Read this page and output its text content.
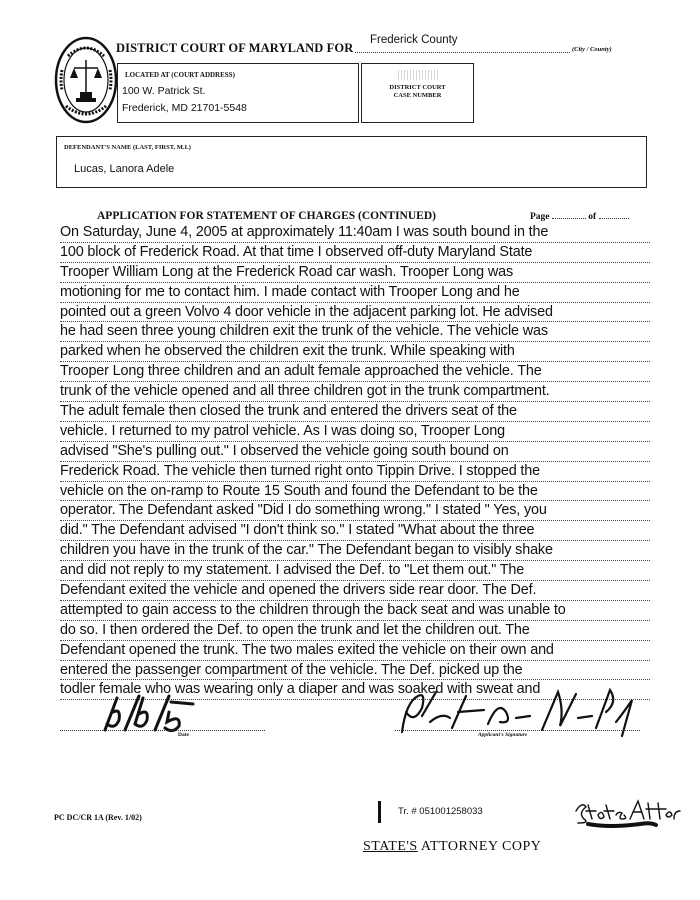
DISTRICT COURT OF MARYLAND FOR
Frederick County
(City / County)
LOCATED AT (COURT ADDRESS)
100 W. Patrick St.
Frederick, MD 21701-5548
DISTRICT COURT
CASE NUMBER
DEFENDANT'S NAME (LAST, FIRST, M.I.)
Lucas, Lanora Adele
APPLICATION FOR STATEMENT OF CHARGES (CONTINUED)	Page	of
On Saturday, June 4, 2005 at approximately 11:40am I was south bound in the
100 block of Frederick Road. At that time I observed off-duty Maryland State
Trooper William Long at the Frederick Road car wash. Trooper Long was
motioning for me to contact him. I made contact with Trooper Long and he
pointed out a green Volvo 4 door vehicle in the adjacent parking lot. He advised
he had seen three young children exit the trunk of the vehicle. The vehicle was
parked when he observed the children exit the trunk. While speaking with
Trooper Long three children and an adult female approached the vehicle. The
trunk of the vehicle opened and all three children got in the trunk compartment.
The adult female then closed the trunk and entered the drivers seat of the
vehicle. I returned to my patrol vehicle. As I was doing so, Trooper Long
advised "She's pulling out." I observed the vehicle going south bound on
Frederick Road. The vehicle then turned right onto Tippin Drive. I stopped the
vehicle on the on-ramp to Route 15 South and found the Defendant to be the
operator. The Defendant asked "Did I do something wrong." I stated " Yes, you
did." The Defendant advised "I don't think so." I stated "What about the three
children you have in the trunk of the car." The Defendant began to visibly shake
and did not reply to my statement. I advised the Def. to "Let them out." The
Defendant exited the vehicle and opened the drivers side rear door. The Def.
attempted to gain access to the children through the back seat and was unable to
do so. I then ordered the Def. to open the trunk and let the children out. The
Defendant opened the trunk. The two males exited the vehicle on their own and
entered the passenger compartment of the vehicle. The Def. picked up the
todler female who was wearing only a diaper and was soaked with sweat and
Date	Applicant's Signature
PC DC/CR 1A (Rev. 1/02)
Tr. # 051001258033
STATE'S ATTORNEY COPY
